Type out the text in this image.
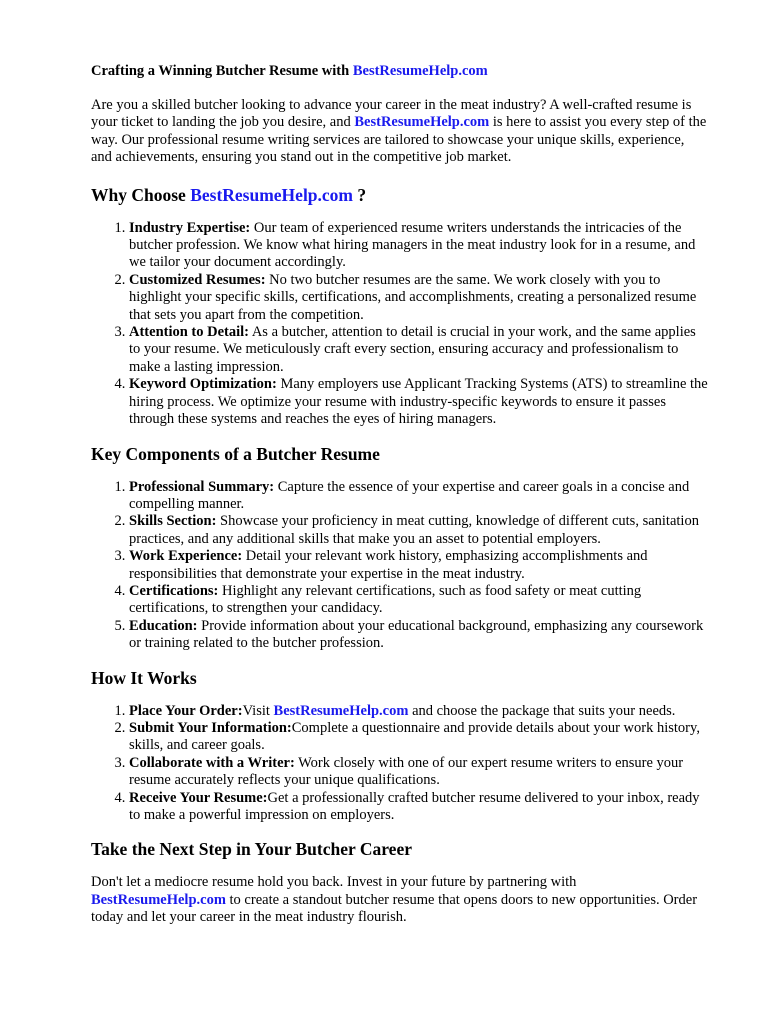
Crafting a Winning Butcher Resume with BestResumeHelp.com

Are you a skilled butcher looking to advance your career in the meat industry? A well-crafted resume is your ticket to landing the job you desire, and BestResumeHelp.com is here to assist you every step of the way. Our professional resume writing services are tailored to showcase your unique skills, experience, and achievements, ensuring you stand out in the competitive job market.

Why Choose BestResumeHelp.com ?
1. Industry Expertise: Our team of experienced resume writers understands the intricacies of the butcher profession. We know what hiring managers in the meat industry look for in a resume, and we tailor your document accordingly.
2. Customized Resumes: No two butcher resumes are the same. We work closely with you to highlight your specific skills, certifications, and accomplishments, creating a personalized resume that sets you apart from the competition.
3. Attention to Detail: As a butcher, attention to detail is crucial in your work, and the same applies to your resume. We meticulously craft every section, ensuring accuracy and professionalism to make a lasting impression.
4. Keyword Optimization: Many employers use Applicant Tracking Systems (ATS) to streamline the hiring process. We optimize your resume with industry-specific keywords to ensure it passes through these systems and reaches the eyes of hiring managers.
Key Components of a Butcher Resume
1. Professional Summary: Capture the essence of your expertise and career goals in a concise and compelling manner.
2. Skills Section: Showcase your proficiency in meat cutting, knowledge of different cuts, sanitation practices, and any additional skills that make you an asset to potential employers.
3. Work Experience: Detail your relevant work history, emphasizing accomplishments and responsibilities that demonstrate your expertise in the meat industry.
4. Certifications: Highlight any relevant certifications, such as food safety or meat cutting certifications, to strengthen your candidacy.
5. Education: Provide information about your educational background, emphasizing any coursework or training related to the butcher profession.
How It Works
1. Place Your Order:Visit BestResumeHelp.com and choose the package that suits your needs.
2. Submit Your Information:Complete a questionnaire and provide details about your work history, skills, and career goals.
3. Collaborate with a Writer: Work closely with one of our expert resume writers to ensure your resume accurately reflects your unique qualifications.
4. Receive Your Resume:Get a professionally crafted butcher resume delivered to your inbox, ready to make a powerful impression on employers.
Take the Next Step in Your Butcher Career

Don't let a mediocre resume hold you back. Invest in your future by partnering with BestResumeHelp.com to create a standout butcher resume that opens doors to new opportunities. Order today and let your career in the meat industry flourish.
